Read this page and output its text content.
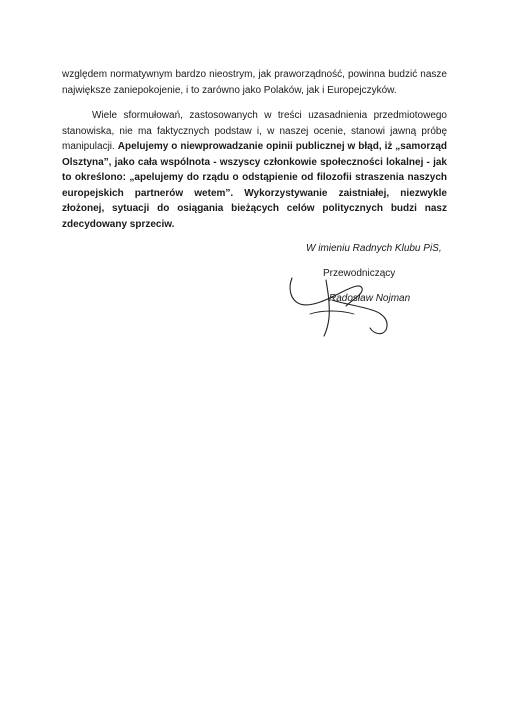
względem normatywnym bardzo nieostrym, jak praworządność, powinna budzić nasze największe zaniepokojenie, i to zarówno jako Polaków, jak i Europejczyków.

Wiele sformułowań, zastosowanych w treści uzasadnienia przedmiotowego stanowiska, nie ma faktycznych podstaw i, w naszej ocenie, stanowi jawną próbę manipulacji. Apelujemy o niewprowadzanie opinii publicznej w błąd, iż „samorząd Olsztyna”, jako cała wspólnota - wszyscy członkowie społeczności lokalnej - jak to określono: „apelujemy do rządu o odstąpienie od filozofii straszenia naszych europejskich partnerów wetem”. Wykorzystywanie zaistniałej, niezwykle złożonej, sytuacji do osiągania bieżących celów politycznych budzi nasz zdecydowany sprzeciw.

W imieniu Radnych Klubu PiS,
Przewodniczący
Radosław Nojman
